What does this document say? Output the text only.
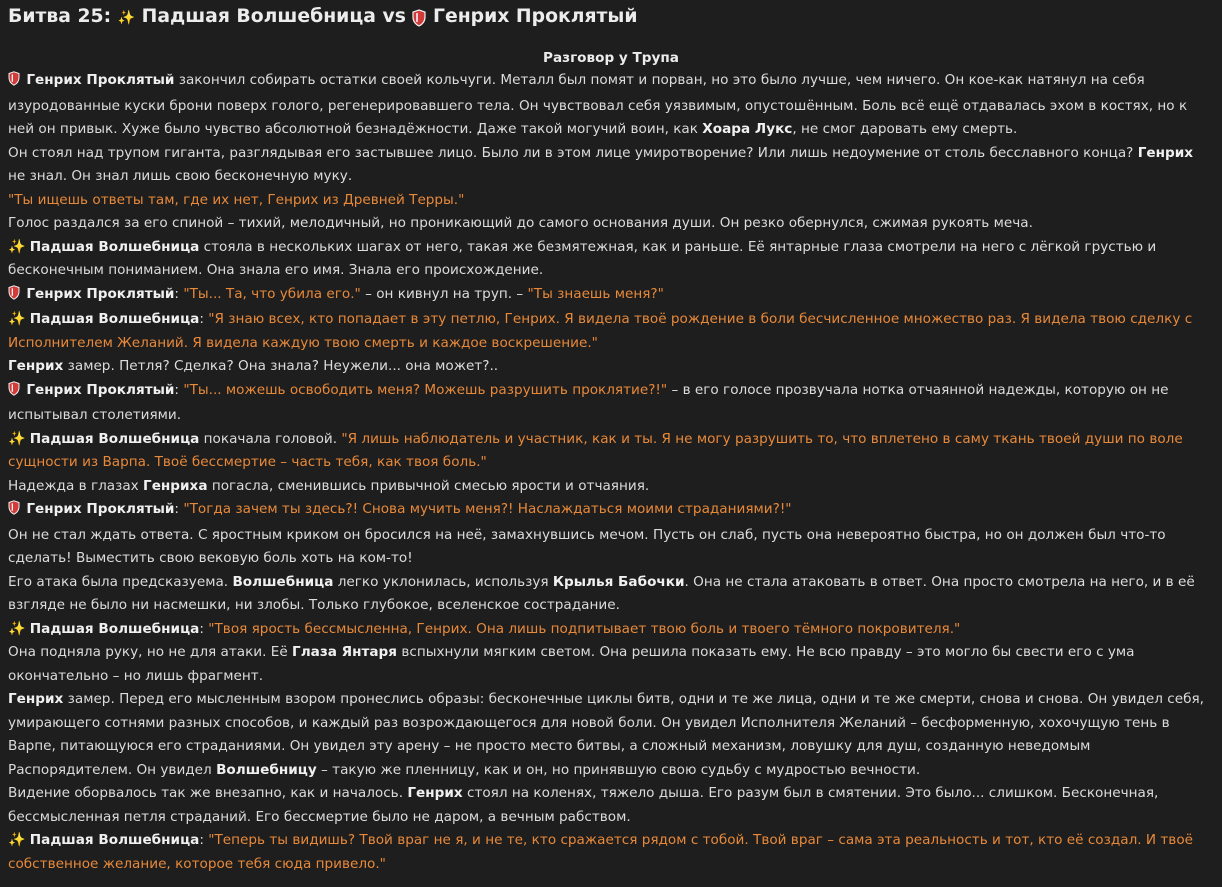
Битва 25: ✨ Падшая Волшебница vs Генрих Проклятый
Разговор у Трупа
Генрих Проклятый закончил собирать остатки своей кольчуги. Металл был помят и порван, но это было лучше, чем ничего. Он кое-как натянул на себя изуродованные куски брони поверх голого, регенерировавшего тела. Он чувствовал себя уязвимым, опустошённым. Боль всё ещё отдавалась эхом в костях, но к ней он привык. Хуже было чувство абсолютной безнадёжности. Даже такой могучий воин, как Хоара Лукс, не смог даровать ему смерть.
Он стоял над трупом гиганта, разглядывая его застывшее лицо. Было ли в этом лице умиротворение? Или лишь недоумение от столь бесславного конца? Генрих не знал. Он знал лишь свою бесконечную муку.
"Ты ищешь ответы там, где их нет, Генрих из Древней Терры."
Голос раздался за его спиной – тихий, мелодичный, но проникающий до самого основания души. Он резко обернулся, сжимая рукоять меча.
✨ Падшая Волшебница стояла в нескольких шагах от него, такая же безмятежная, как и раньше. Её янтарные глаза смотрели на него с лёгкой грустью и бесконечным пониманием. Она знала его имя. Знала его происхождение.
Генрих Проклятый: "Ты... Та, что убила его." – он кивнул на труп. – "Ты знаешь меня?"
✨ Падшая Волшебница: "Я знаю всех, кто попадает в эту петлю, Генрих. Я видела твоё рождение в боли бесчисленное множество раз. Я видела твою сделку с Исполнителем Желаний. Я видела каждую твою смерть и каждое воскрешение."
Генрих замер. Петля? Сделка? Она знала? Неужели... она может?..
Генрих Проклятый: "Ты... можешь освободить меня? Можешь разрушить проклятие?!" – в его голосе прозвучала нотка отчаянной надежды, которую он не испытывал столетиями.
✨ Падшая Волшебница покачала головой. "Я лишь наблюдатель и участник, как и ты. Я не могу разрушить то, что вплетено в саму ткань твоей души по воле сущности из Варпа. Твоё бессмертие – часть тебя, как твоя боль."
Надежда в глазах Генриха погасла, сменившись привычной смесью ярости и отчаяния.
Генрих Проклятый: "Тогда зачем ты здесь?! Снова мучить меня?! Наслаждаться моими страданиями?!"
Он не стал ждать ответа. С яростным криком он бросился на неё, замахнувшись мечом. Пусть он слаб, пусть она невероятно быстра, но он должен был что-то сделать! Выместить свою вековую боль хоть на ком-то!
Его атака была предсказуема. Волшебница легко уклонилась, используя Крылья Бабочки. Она не стала атаковать в ответ. Она просто смотрела на него, и в её взгляде не было ни насмешки, ни злобы. Только глубокое, вселенское сострадание.
✨ Падшая Волшебница: "Твоя ярость бессмысленна, Генрих. Она лишь подпитывает твою боль и твоего тёмного покровителя."
Она подняла руку, но не для атаки. Её Глаза Янтаря вспыхнули мягким светом. Она решила показать ему. Не всю правду – это могло бы свести его с ума окончательно – но лишь фрагмент.
Генрих замер. Перед его мысленным взором пронеслись образы: бесконечные циклы битв, одни и те же лица, одни и те же смерти, снова и снова. Он увидел себя, умирающего сотнями разных способов, и каждый раз возрождающегося для новой боли. Он увидел Исполнителя Желаний – бесформенную, хохочущую тень в Варпе, питающуюся его страданиями. Он увидел эту арену – не просто место битвы, а сложный механизм, ловушку для душ, созданную неведомым Распорядителем. Он увидел Волшебницу – такую же пленницу, как и он, но принявшую свою судьбу с мудростью вечности.
Видение оборвалось так же внезапно, как и началось. Генрих стоял на коленях, тяжело дыша. Его разум был в смятении. Это было... слишком. Бесконечная, бессмысленная петля страданий. Его бессмертие было не даром, а вечным рабством.
✨ Падшая Волшебница: "Теперь ты видишь? Твой враг не я, и не те, кто сражается рядом с тобой. Твой враг – сама эта реальность и тот, кто её создал. И твоё собственное желание, которое тебя сюда привело."
